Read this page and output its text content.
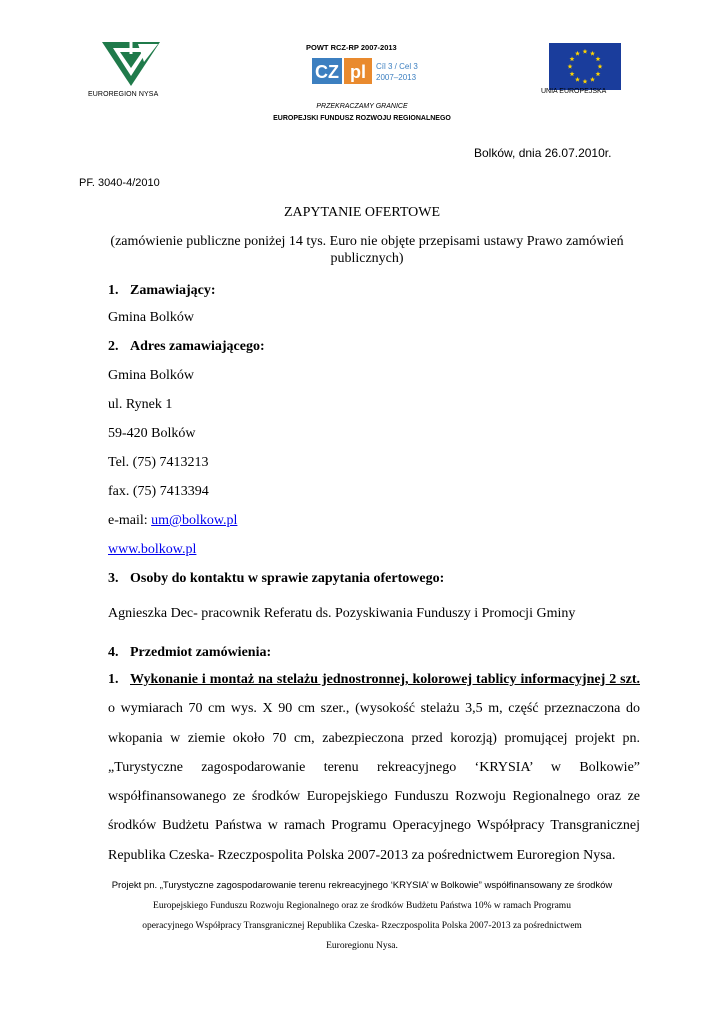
EUROREGION NYSA
POWT RCZ-RP 2007-2013
CZ pl Cíl 3 / Cel 3
2007–2013
UNIA EUROPEJSKA
PRZEKRACZAMY GRANICE
EUROPEJSKI FUNDUSZ ROZWOJU REGIONALNEGO
Bolków, dnia 26.07.2010r.
PF. 3040-4/2010
ZAPYTANIE OFERTOWE
(zamówienie publiczne poniżej 14 tys. Euro nie objęte przepisami ustawy Prawo zamówień publicznych)
1. Zamawiający:
Gmina Bolków
2. Adres zamawiającego:
Gmina Bolków
ul. Rynek 1
59-420 Bolków
Tel. (75) 7413213
fax. (75) 7413394
e-mail: um@bolkow.pl
www.bolkow.pl
3. Osoby do kontaktu w sprawie zapytania ofertowego:
Agnieszka Dec- pracownik Referatu ds. Pozyskiwania Funduszy i Promocji Gminy
4. Przedmiot zamówienia:
1. Wykonanie i montaż na stelażu jednostronnej, kolorowej tablicy informacyjnej 2 szt. o wymiarach 70 cm wys. X 90 cm szer., (wysokość stelażu 3,5 m, część przeznaczona do wkopania w ziemie około 70 cm, zabezpieczona przed korozją) promującej projekt pn. „Turystyczne zagospodarowanie terenu rekreacyjnego ‘KRYSIA’ w Bolkowie” współfinansowanego ze środków Europejskiego Funduszu Rozwoju Regionalnego oraz ze środków Budżetu Państwa w ramach Programu Operacyjnego Współpracy Transgranicznej Republika Czeska- Rzeczpospolita Polska 2007-2013 za pośrednictwem Euroregion Nysa.
Projekt pn. „Turystyczne zagospodarowanie terenu rekreacyjnego ‘KRYSIA’ w Bolkowie” współfinansowany ze środków
Europejskiego Funduszu Rozwoju Regionalnego oraz ze środków Budżetu Państwa 10% w ramach Programu
operacyjnego Współpracy Transgranicznej Republika Czeska- Rzeczpospolita Polska 2007-2013 za pośrednictwem
Euroregionu Nysa.
